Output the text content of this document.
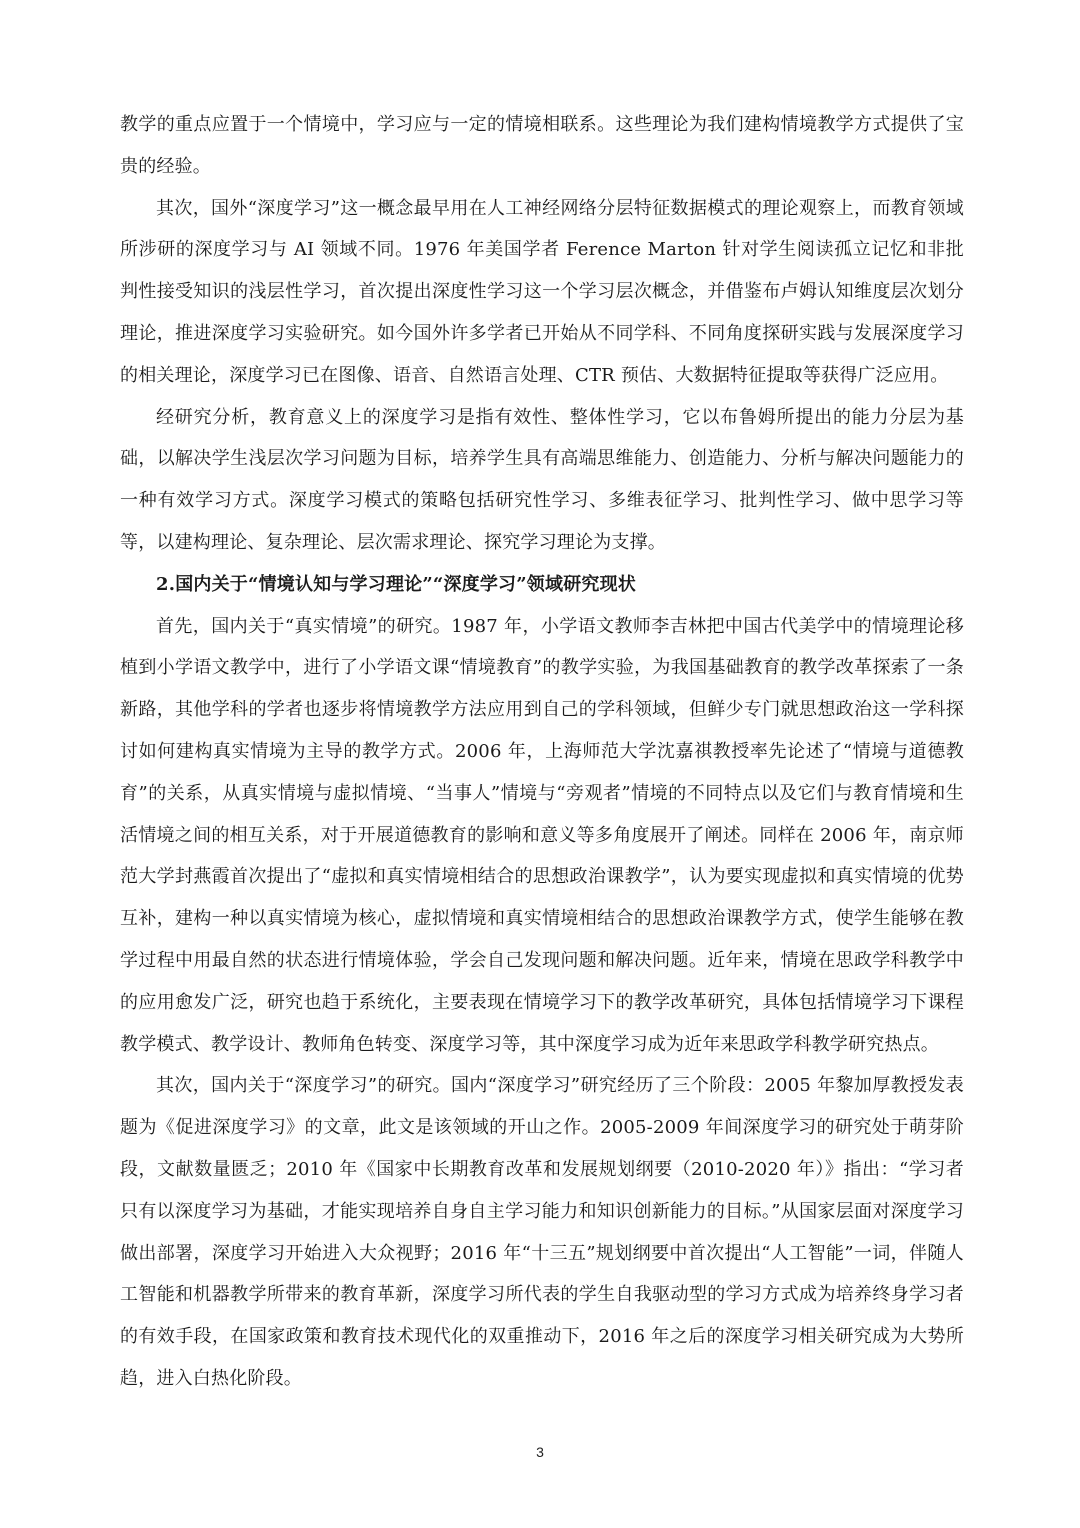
教学的重点应置于一个情境中，学习应与一定的情境相联系。这些理论为我们建构情境教学方式提供了宝贵的经验。

其次，国外“深度学习”这一概念最早用在人工神经网络分层特征数据模式的理论观察上，而教育领域所涉研的深度学习与 AI 领域不同。1976 年美国学者 Ference Marton 针对学生阅读孤立记忆和非批判性接受知识的浅层性学习，首次提出深度性学习这一个学习层次概念，并借鉴布卢姆认知维度层次划分理论，推进深度学习实验研究。如今国外许多学者已开始从不同学科、不同角度探研实践与发展深度学习的相关理论，深度学习已在图像、语音、自然语言处理、CTR 预估、大数据特征提取等获得广泛应用。

经研究分析，教育意义上的深度学习是指有效性、整体性学习，它以布鲁姆所提出的能力分层为基础，以解决学生浅层次学习问题为目标，培养学生具有高端思维能力、创造能力、分析与解决问题能力的一种有效学习方式。深度学习模式的策略包括研究性学习、多维表征学习、批判性学习、做中思学习等等，以建构理论、复杂理论、层次需求理论、探究学习理论为支撑。

2.国内关于“情境认知与学习理论”“深度学习”领域研究现状

首先，国内关于“真实情境”的研究。1987 年，小学语文教师李吉林把中国古代美学中的情境理论移植到小学语文教学中，进行了小学语文课“情境教育”的教学实验，为我国基础教育的教学改革探索了一条新路，其他学科的学者也逐步将情境教学方法应用到自己的学科领域，但鲜少专门就思想政治这一学科探讨如何建构真实情境为主导的教学方式。2006 年，上海师范大学沈嘉祺教授率先论述了“情境与道德教育”的关系，从真实情境与虚拟情境、“当事人”情境与“旁观者”情境的不同特点以及它们与教育情境和生活情境之间的相互关系，对于开展道德教育的影响和意义等多角度展开了阐述。同样在 2006 年，南京师范大学封燕霞首次提出了“虚拟和真实情境相结合的思想政治课教学”，认为要实现虚拟和真实情境的优势互补，建构一种以真实情境为核心，虚拟情境和真实情境相结合的思想政治课教学方式，使学生能够在教学过程中用最自然的状态进行情境体验，学会自己发现问题和解决问题。近年来，情境在思政学科教学中的应用愈发广泛，研究也趋于系统化，主要表现在情境学习下的教学改革研究，具体包括情境学习下课程教学模式、教学设计、教师角色转变、深度学习等，其中深度学习成为近年来思政学科教学研究热点。

其次，国内关于“深度学习”的研究。国内“深度学习”研究经历了三个阶段：2005 年黎加厚教授发表题为《促进深度学习》的文章，此文是该领域的开山之作。2005-2009 年间深度学习的研究处于萌芽阶段，文献数量匮乏；2010 年《国家中长期教育改革和发展规划纲要（2010-2020 年）》指出：“学习者只有以深度学习为基础，才能实现培养自身自主学习能力和知识创新能力的目标。”从国家层面对深度学习做出部署，深度学习开始进入大众视野；2016 年“十三五”规划纲要中首次提出“人工智能”一词，伴随人工智能和机器教学所带来的教育革新，深度学习所代表的学生自我驱动型的学习方式成为培养终身学习者的有效手段，在国家政策和教育技术现代化的双重推动下，2016 年之后的深度学习相关研究成为大势所趋，进入白热化阶段。

3
